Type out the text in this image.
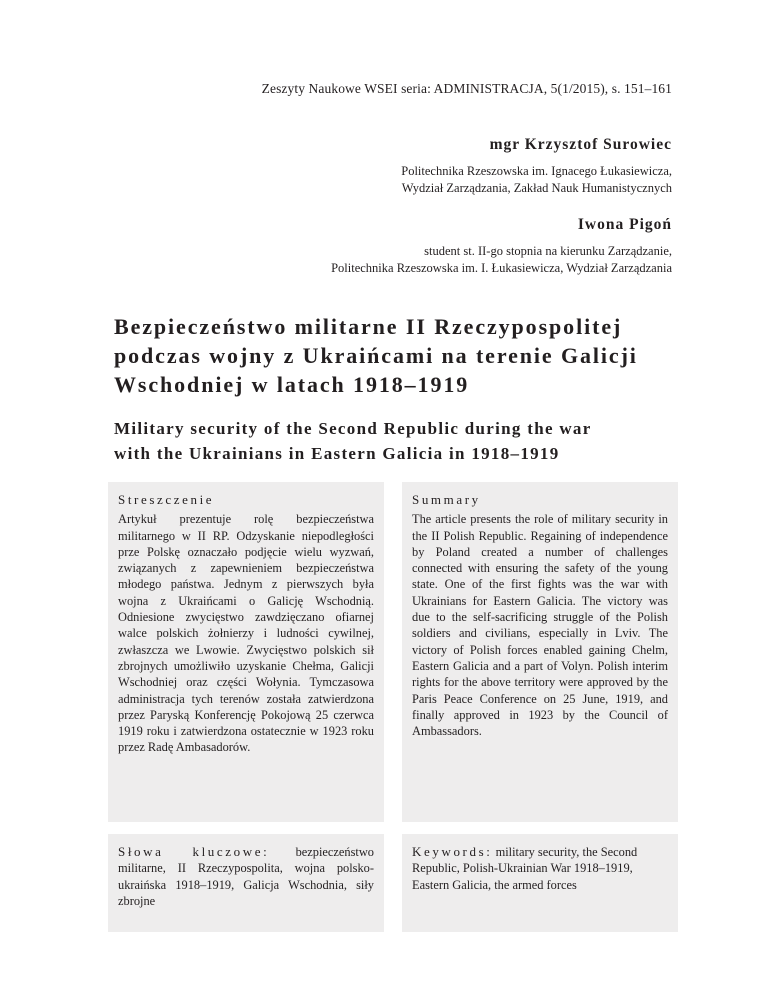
Zeszyty Naukowe WSEI seria: ADMINISTRACJA, 5(1/2015), s. 151–161
mgr Krzysztof Surowiec
Politechnika Rzeszowska im. Ignacego Łukasiewicza,
Wydział Zarządzania, Zakład Nauk Humanistycznych
Iwona Pigoń
student st. II-go stopnia na kierunku Zarządzanie,
Politechnika Rzeszowska im. I. Łukasiewicza, Wydział Zarządzania
Bezpieczeństwo militarne II Rzeczypospolitej
podczas wojny z Ukraińcami na terenie Galicji
Wschodniej w latach 1918–1919
Military security of the Second Republic during the war
with the Ukrainians in Eastern Galicia in 1918–1919
Streszczenie

Artykuł prezentuje rolę bezpieczeństwa militarnego w II RP. Odzyskanie niepodległości prze Polskę oznaczało podjęcie wielu wyzwań, związanych z zapewnieniem bezpieczeństwa młodego państwa. Jednym z pierwszych była wojna z Ukraińcami o Galicję Wschodnią. Odniesione zwycięstwo zawdzięczano ofiarnej walce polskich żołnierzy i ludności cywilnej, zwłaszcza we Lwowie. Zwycięstwo polskich sił zbrojnych umożliwiło uzyskanie Chełma, Galicji Wschodniej oraz części Wołynia. Tymczasowa administracja tych terenów została zatwierdzona przez Paryską Konferencję Pokojową 25 czerwca 1919 roku i zatwierdzona ostatecznie w 1923 roku przez Radę Ambasadorów.

Summary

The article presents the role of military security in the II Polish Republic. Regaining of independence by Poland created a number of challenges connected with ensuring the safety of the young state. One of the first fights was the war with Ukrainians for Eastern Galicia. The victory was due to the self-sacrificing struggle of the Polish soldiers and civilians, especially in Lviv. The victory of Polish forces enabled gaining Chelm, Eastern Galicia and a part of Volyn. Polish interim rights for the above territory were approved by the Paris Peace Conference on 25 June, 1919, and finally approved in 1923 by the Council of Ambassadors.

Słowa kluczowe: bezpieczeństwo militarne, II Rzeczypospolita, wojna polsko-ukraińska 1918–1919, Galicja Wschodnia, siły zbrojne

Keywords: military security, the Second Republic, Polish-Ukrainian War 1918–1919, Eastern Galicia, the armed forces
